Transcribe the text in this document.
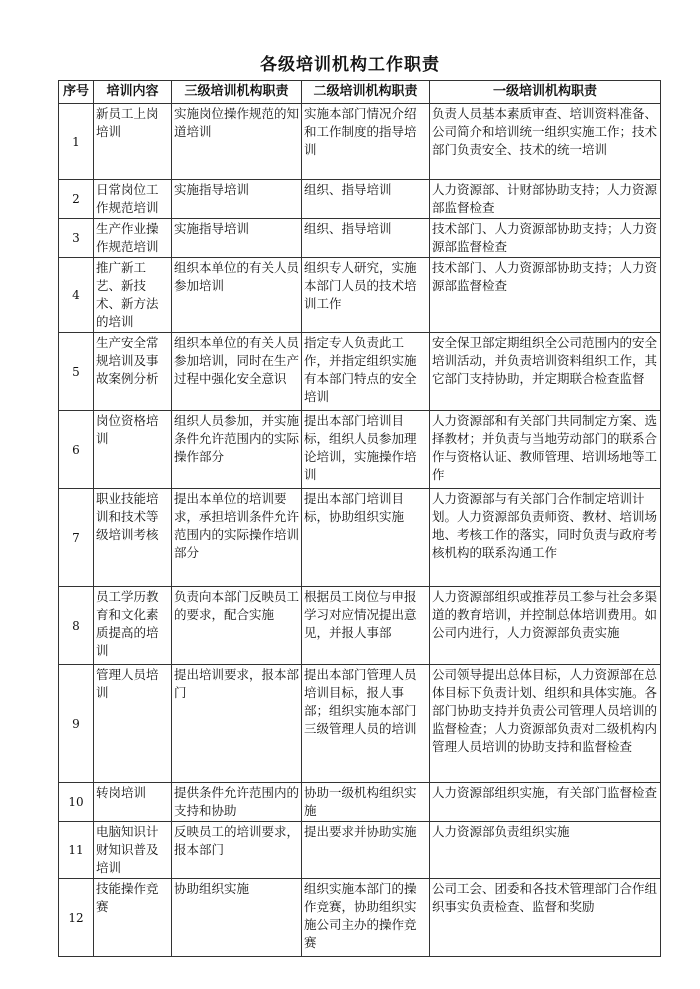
各级培训机构工作职责
序号	培训内容	三级培训机构职责	二级培训机构职责	一级培训机构职责
1	新员工上岗培训	实施岗位操作规范的知道培训	实施本部门情况介绍和工作制度的指导培训	负责人员基本素质审查、培训资料准备、公司简介和培训统一组织实施工作；技术部门负责安全、技术的统一培训
2	日常岗位工作规范培训	实施指导培训	组织、指导培训	人力资源部、计财部协助支持；人力资源部监督检查
3	生产作业操作规范培训	实施指导培训	组织、指导培训	技术部门、人力资源部协助支持；人力资源部监督检查
4	推广新工艺、新技术、新方法的培训	组织本单位的有关人员参加培训	组织专人研究，实施本部门人员的技术培训工作	技术部门、人力资源部协助支持；人力资源部监督检查
5	生产安全常规培训及事故案例分析	组织本单位的有关人员参加培训，同时在生产过程中强化安全意识	指定专人负责此工作，并指定组织实施有本部门特点的安全培训	安全保卫部定期组织全公司范围内的安全培训活动，并负责培训资料组织工作，其它部门支持协助，并定期联合检查监督
6	岗位资格培训	组织人员参加，并实施条件允许范围内的实际操作部分	提出本部门培训目标，组织人员参加理论培训，实施操作培训	人力资源部和有关部门共同制定方案、选择教材；并负责与当地劳动部门的联系合作与资格认证、教师管理、培训场地等工作
7	职业技能培训和技术等级培训考核	提出本单位的培训要求，承担培训条件允许范围内的实际操作培训部分	提出本部门培训目标，协助组织实施	人力资源部与有关部门合作制定培训计划。人力资源部负责师资、教材、培训场地、考核工作的落实，同时负责与政府考核机构的联系沟通工作
8	员工学历教育和文化素质提高的培训	负责向本部门反映员工的要求，配合实施	根据员工岗位与申报学习对应情况提出意见，并报人事部	人力资源部组织或推荐员工参与社会多渠道的教育培训，并控制总体培训费用。如公司内进行，人力资源部负责实施
9	管理人员培训	提出培训要求，报本部门	提出本部门管理人员培训目标，报人事部；组织实施本部门三级管理人员的培训	公司领导提出总体目标，人力资源部在总体目标下负责计划、组织和具体实施。各部门协助支持并负责公司管理人员培训的监督检查；人力资源部负责对二级机构内管理人员培训的协助支持和监督检查
10	转岗培训	提供条件允许范围内的支持和协助	协助一级机构组织实施	人力资源部组织实施，有关部门监督检查
11	电脑知识计财知识普及培训	反映员工的培训要求，报本部门	提出要求并协助实施	人力资源部负责组织实施
12	技能操作竞赛	协助组织实施	组织实施本部门的操作竞赛，协助组织实施公司主办的操作竞赛	公司工会、团委和各技术管理部门合作组织事实负责检查、监督和奖励
